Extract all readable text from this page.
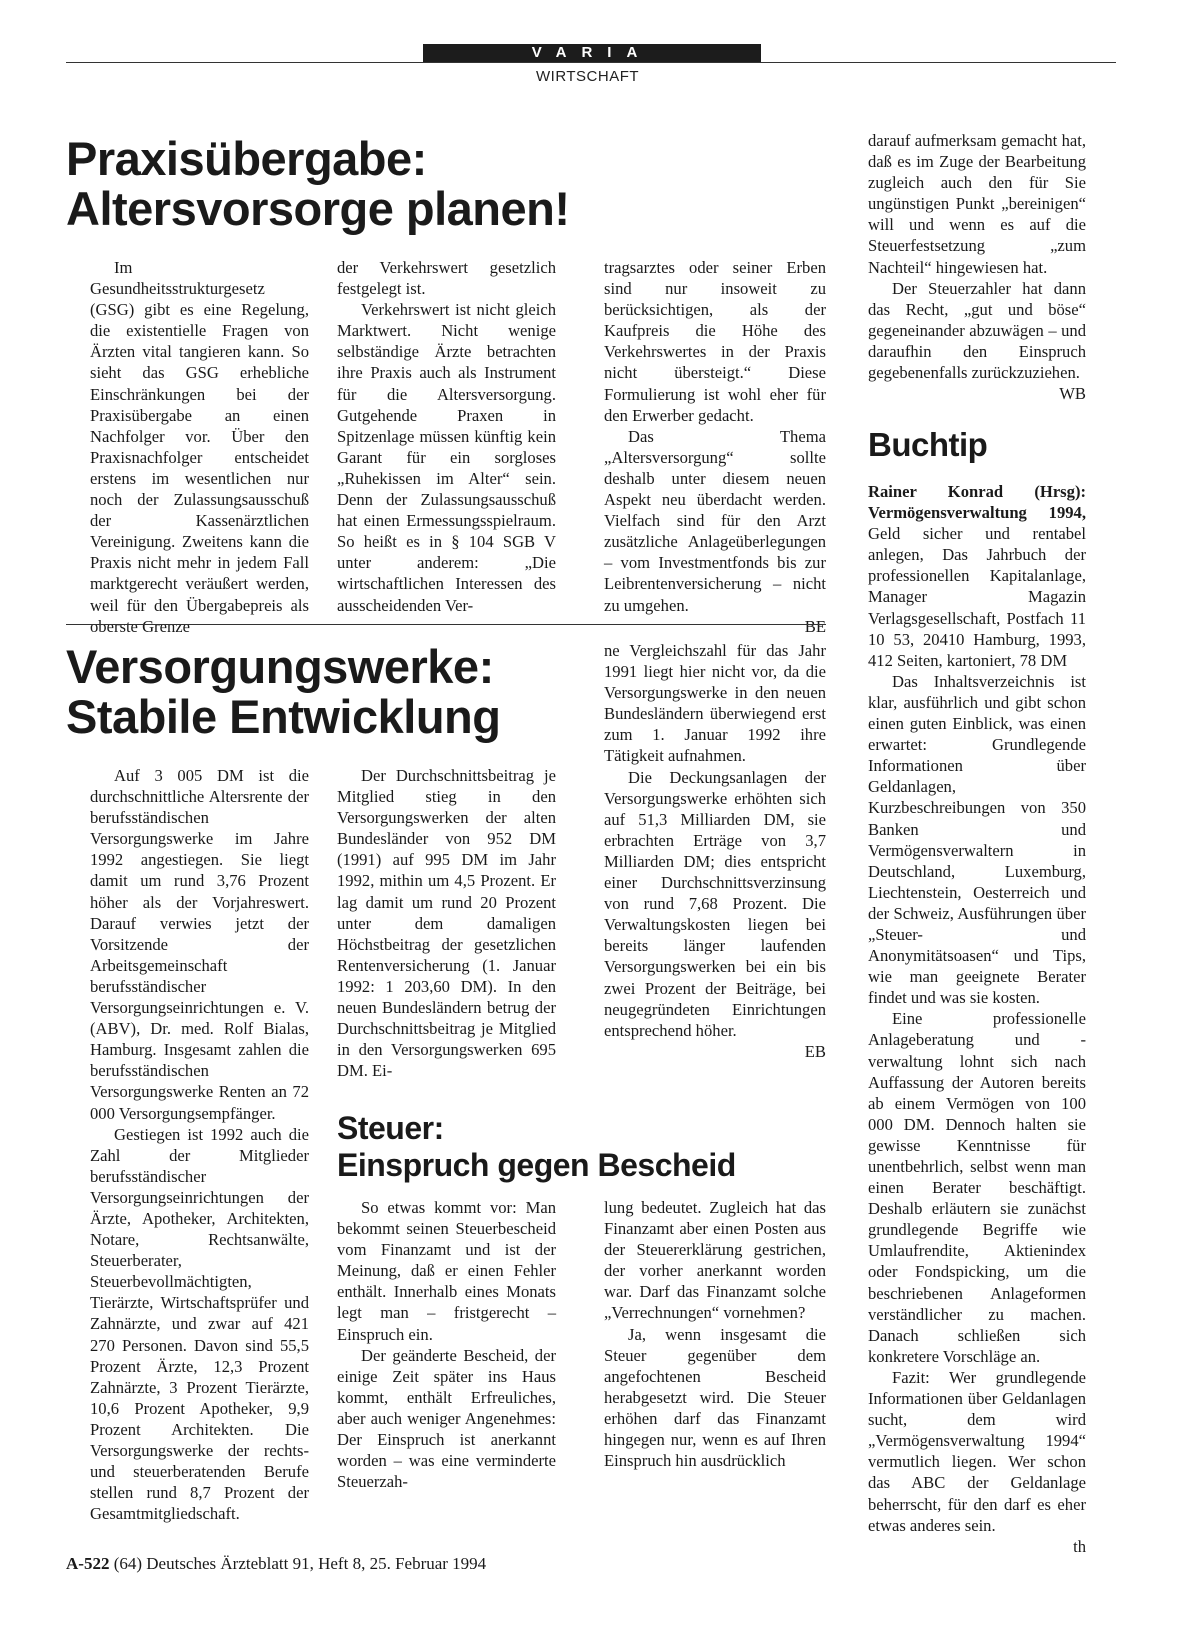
VARIA
WIRTSCHAFT
Praxisübergabe:
Altersvorsorge planen!

Im Gesundheitsstrukturgesetz (GSG) gibt es eine Regelung, die existentielle Fragen von Ärzten vital tangieren kann. So sieht das GSG erhebliche Einschränkungen bei der Praxisübergabe an einen Nachfolger vor. Über den Praxisnachfolger entscheidet erstens im wesentlichen nur noch der Zulassungsausschuß der Kassenärztlichen Vereinigung. Zweitens kann die Praxis nicht mehr in jedem Fall marktgerecht veräußert werden, weil für den Übergabepreis als oberste Grenze

der Verkehrswert gesetzlich festgelegt ist.

Verkehrswert ist nicht gleich Marktwert. Nicht wenige selbständige Ärzte betrachten ihre Praxis auch als Instrument für die Altersversorgung. Gutgehende Praxen in Spitzenlage müssen künftig kein Garant für ein sorgloses „Ruhekissen im Alter“ sein. Denn der Zulassungsausschuß hat einen Ermessungsspielraum. So heißt es in § 104 SGB V unter anderem: „Die wirtschaftlichen Interessen des ausscheidenden Ver-

tragsarztes oder seiner Erben sind nur insoweit zu berücksichtigen, als der Kaufpreis die Höhe des Verkehrswertes in der Praxis nicht übersteigt.“ Diese Formulierung ist wohl eher für den Erwerber gedacht.

Das Thema „Altersversorgung“ sollte deshalb unter diesem neuen Aspekt neu überdacht werden. Vielfach sind für den Arzt zusätzliche Anlageüberlegungen – vom Investmentfonds bis zur Leibrentenversicherung – nicht zu umgehen.

BE
Versorgungswerke:
Stabile Entwicklung

Auf 3 005 DM ist die durchschnittliche Altersrente der berufsständischen Versorgungswerke im Jahre 1992 angestiegen. Sie liegt damit um rund 3,76 Prozent höher als der Vorjahreswert. Darauf verwies jetzt der Vorsitzende der Arbeitsgemeinschaft berufsständischer Versorgungseinrichtungen e. V. (ABV), Dr. med. Rolf Bialas, Hamburg. Insgesamt zahlen die berufsständischen Versorgungswerke Renten an 72 000 Versorgungsempfänger.

Gestiegen ist 1992 auch die Zahl der Mitglieder berufsständischer Versorgungseinrichtungen der Ärzte, Apotheker, Architekten, Notare, Rechtsanwälte, Steuerberater, Steuerbevollmächtigten, Tierärzte, Wirtschaftsprüfer und Zahnärzte, und zwar auf 421 270 Personen. Davon sind 55,5 Prozent Ärzte, 12,3 Prozent Zahnärzte, 3 Prozent Tierärzte, 10,6 Prozent Apotheker, 9,9 Prozent Architekten. Die Versorgungswerke der rechts- und steuerberatenden Berufe stellen rund 8,7 Prozent der Gesamtmitgliedschaft.

Der Durchschnittsbeitrag je Mitglied stieg in den Versorgungswerken der alten Bundesländer von 952 DM (1991) auf 995 DM im Jahr 1992, mithin um 4,5 Prozent. Er lag damit um rund 20 Prozent unter dem damaligen Höchstbeitrag der gesetzlichen Rentenversicherung (1. Januar 1992: 1 203,60 DM). In den neuen Bundesländern betrug der Durchschnittsbeitrag je Mitglied in den Versorgungswerken 695 DM. Ei-

ne Vergleichszahl für das Jahr 1991 liegt hier nicht vor, da die Versorgungswerke in den neuen Bundesländern überwiegend erst zum 1. Januar 1992 ihre Tätigkeit aufnahmen.

Die Deckungsanlagen der Versorgungswerke erhöhten sich auf 51,3 Milliarden DM, sie erbrachten Erträge von 3,7 Milliarden DM; dies entspricht einer Durchschnittsverzinsung von rund 7,68 Prozent. Die Verwaltungskosten liegen bei bereits länger laufenden Versorgungswerken bei ein bis zwei Prozent der Beiträge, bei neugegründeten Einrichtungen entsprechend höher.

EB
Steuer:
Einspruch gegen Bescheid

So etwas kommt vor: Man bekommt seinen Steuerbescheid vom Finanzamt und ist der Meinung, daß er einen Fehler enthält. Innerhalb eines Monats legt man – fristgerecht – Einspruch ein.

Der geänderte Bescheid, der einige Zeit später ins Haus kommt, enthält Erfreuliches, aber auch weniger Angenehmes: Der Einspruch ist anerkannt worden – was eine verminderte Steuerzah-

lung bedeutet. Zugleich hat das Finanzamt aber einen Posten aus der Steuererklärung gestrichen, der vorher anerkannt worden war. Darf das Finanzamt solche „Verrechnungen“ vornehmen?

Ja, wenn insgesamt die Steuer gegenüber dem angefochtenen Bescheid herabgesetzt wird. Die Steuer erhöhen darf das Finanzamt hingegen nur, wenn es auf Ihren Einspruch hin ausdrücklich

darauf aufmerksam gemacht hat, daß es im Zuge der Bearbeitung zugleich auch den für Sie ungünstigen Punkt „bereinigen“ will und wenn es auf die Steuerfestsetzung „zum Nachteil“ hingewiesen hat.

Der Steuerzahler hat dann das Recht, „gut und böse“ gegeneinander abzuwägen – und daraufhin den Einspruch gegebenenfalls zurückzuziehen.

WB
Buchtip

Rainer Konrad (Hrsg): Vermögensverwaltung 1994, Geld sicher und rentabel anlegen, Das Jahrbuch der professionellen Kapitalanlage, Manager Magazin Verlagsgesellschaft, Postfach 11 10 53, 20410 Hamburg, 1993, 412 Seiten, kartoniert, 78 DM

Das Inhaltsverzeichnis ist klar, ausführlich und gibt schon einen guten Einblick, was einen erwartet: Grundlegende Informationen über Geldanlagen, Kurzbeschreibungen von 350 Banken und Vermögensverwaltern in Deutschland, Luxemburg, Liechtenstein, Oesterreich und der Schweiz, Ausführungen über „Steuer- und Anonymitätsoasen“ und Tips, wie man geeignete Berater findet und was sie kosten.

Eine professionelle Anlageberatung und -verwaltung lohnt sich nach Auffassung der Autoren bereits ab einem Vermögen von 100 000 DM. Dennoch halten sie gewisse Kenntnisse für unentbehrlich, selbst wenn man einen Berater beschäftigt. Deshalb erläutern sie zunächst grundlegende Begriffe wie Umlaufrendite, Aktienindex oder Fondspicking, um die beschriebenen Anlageformen verständlicher zu machen. Danach schließen sich konkretere Vorschläge an.

Fazit: Wer grundlegende Informationen über Geldanlagen sucht, dem wird „Vermögensverwaltung 1994“ vermutlich liegen. Wer schon das ABC der Geldanlage beherrscht, für den darf es eher etwas anderes sein.

th
A-522 (64) Deutsches Ärzteblatt 91, Heft 8, 25. Februar 1994
